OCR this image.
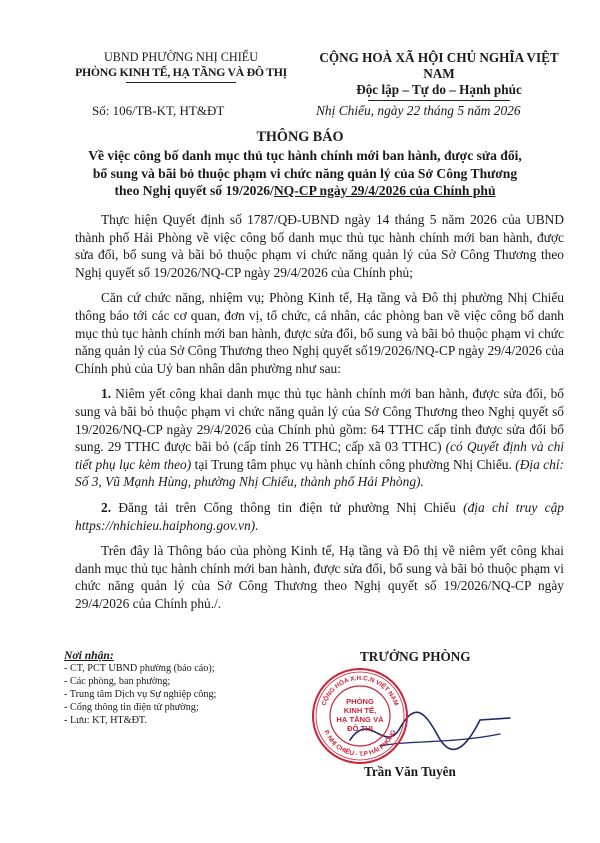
UBND PHƯỜNG NHỊ CHIỂU
PHÒNG KINH TẾ, HẠ TẦNG VÀ ĐÔ THỊ
CỘNG HOÀ XÃ HỘI CHỦ NGHĨA VIỆT NAM
Độc lập – Tự do – Hạnh phúc
Số: 106/TB-KT, HT&ĐT	Nhị Chiểu, ngày 22 tháng 5 năm 2026
THÔNG BÁO
Về việc công bố danh mục thủ tục hành chính mới ban hành, được sửa đổi,
bổ sung và bãi bỏ thuộc phạm vi chức năng quản lý của Sở Công Thương
theo Nghị quyết số 19/2026/NQ-CP ngày 29/4/2026 của Chính phủ

Thực hiện Quyết định số 1787/QĐ-UBND ngày 14 tháng 5 năm 2026 của UBND thành phố Hải Phòng về việc công bố danh mục thủ tục hành chính mới ban hành, được sửa đổi, bổ sung và bãi bỏ thuộc phạm vi chức năng quản lý của Sở Công Thương theo Nghị quyết số 19/2026/NQ-CP ngày 29/4/2026 của Chính phủ;

Căn cứ chức năng, nhiệm vụ; Phòng Kinh tế, Hạ tầng và Đô thị phường Nhị Chiểu thông báo tới các cơ quan, đơn vị, tổ chức, cá nhân, các phòng ban về việc công bố danh mục thủ tục hành chính mới ban hành, được sửa đổi, bổ sung và bãi bỏ thuộc phạm vi chức năng quản lý của Sở Công Thương theo Nghị quyết số19/2026/NQ-CP ngày 29/4/2026 của Chính phủ của Uỷ ban nhân dân phường như sau:

1. Niêm yết công khai danh mục thủ tục hành chính mới ban hành, được sửa đổi, bổ sung và bãi bỏ thuộc phạm vi chức năng quản lý của Sở Công Thương theo Nghị quyết số 19/2026/NQ-CP ngày 29/4/2026 của Chính phủ gồm: 64 TTHC cấp tỉnh được sửa đổi bổ sung. 29 TTHC được bãi bỏ (cấp tỉnh 26 TTHC; cấp xã 03 TTHC) (có Quyết định và chi tiết phụ lục kèm theo) tại Trung tâm phục vụ hành chính công phường Nhị Chiểu. (Địa chỉ: Số 3, Vũ Mạnh Hùng, phường Nhị Chiểu, thành phố Hải Phòng).

2. Đăng tải trên Cổng thông tin điện tử phường Nhị Chiểu (địa chỉ truy cập https://nhichieu.haiphong.gov.vn).

Trên đây là Thông báo của phòng Kinh tế, Hạ tầng và Đô thị về niêm yết công khai danh mục thủ tục hành chính mới ban hành, được sửa đổi, bổ sung và bãi bỏ thuộc phạm vi chức năng quản lý của Sở Công Thương theo Nghị quyết số 19/2026/NQ-CP ngày 29/4/2026 của Chính phủ./.

Nơi nhận:
- CT, PCT UBND phường (báo cáo);
- Các phòng, ban phường;
- Trung tâm Dịch vụ Sự nghiệp công;
- Cổng thông tin điện tử phường;
- Lưu: KT, HT&ĐT.
TRƯỞNG PHÒNG
CỘNG HÒA X.H.C.N VIỆT NAM
P. NHỊ CHIỂU - T.P HẢI PHÒNG
PHÒNG
KINH TẾ,
HẠ TẦNG VÀ
ĐÔ THỊ
Trần Văn Tuyên
